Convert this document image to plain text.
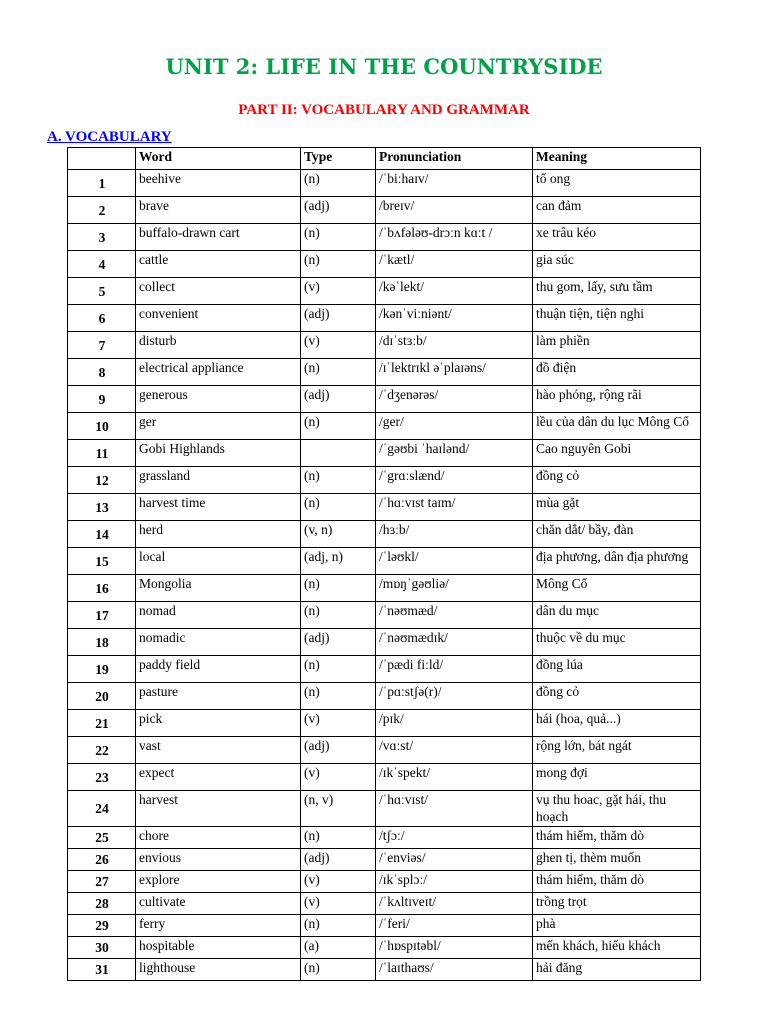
UNIT 2: LIFE IN THE COUNTRYSIDE
PART II: VOCABULARY AND GRAMMAR
A. VOCABULARY
	Word	Type	Pronunciation	Meaning
1	beehive	(n)	/ˈbiːhaɪv/	tổ ong
2	brave	(adj)	/breɪv/	can đảm
3	buffalo-drawn cart	(n)	/ˈbʌfələʊ-drɔːn kɑːt /	xe trâu kéo
4	cattle	(n)	/ˈkætl/	gia súc
5	collect	(v)	/kəˈlekt/	thu gom, lấy, sưu tầm
6	convenient	(adj)	/kənˈviːniənt/	thuận tiện, tiện nghi
7	disturb	(v)	/dɪˈstɜːb/	làm phiền
8	electrical appliance	(n)	/ɪˈlektrɪkl əˈplaɪəns/	đồ điện
9	generous	(adj)	/ˈdʒenərəs/	hào phóng, rộng rãi
10	ger	(n)	/ger/	lều của dân du lục Mông Cổ
11	Gobi Highlands		/ˈgəʊbi ˈhaɪlənd/	Cao nguyên Gobi
12	grassland	(n)	/ˈgrɑːslænd/	đồng cỏ
13	harvest time	(n)	/ˈhɑːvɪst taɪm/	mùa gặt
14	herd	(v, n)	/hɜːb/	chăn dắt/ bầy, đàn
15	local	(adj, n)	/ˈləʊkl/	địa phương, dân địa phương
16	Mongolia	(n)	/mɒŋˈgəʊliə/	Mông Cổ
17	nomad	(n)	/ˈnəʊmæd/	dân du mục
18	nomadic	(adj)	/ˈnəʊmædɪk/	thuộc về du mục
19	paddy field	(n)	/ˈpædi fiːld/	đồng lúa
20	pasture	(n)	/ˈpɑːstʃə(r)/	đồng cỏ
21	pick	(v)	/pɪk/	hái (hoa, quả...)
22	vast	(adj)	/vɑːst/	rộng lớn, bát ngát
23	expect	(v)	/ɪkˈspekt/	mong đợi
24	harvest	(n, v)	/ˈhɑːvɪst/	vụ thu hoac, gặt hái, thu hoạch
25	chore	(n)	/tʃɔː/	thám hiểm, thăm dò
26	envious	(adj)	/ˈenviəs/	ghen tị, thèm muốn
27	explore	(v)	/ɪkˈsplɔː/	thám hiểm, thăm dò
28	cultivate	(v)	/ˈkʌltɪveɪt/	trồng trọt
29	ferry	(n)	/ˈferi/	phà
30	hospitable	(a)	/ˈhɒspɪtəbl/	mến khách, hiếu khách
31	lighthouse	(n)	/ˈlaɪthaʊs/	hải đăng
